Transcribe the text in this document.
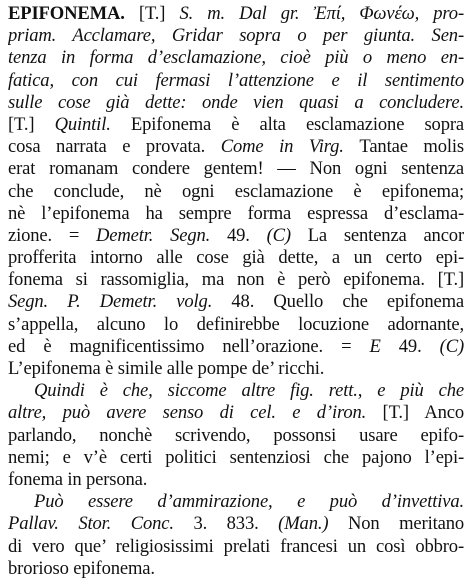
EPIFONEMA. [T.] S. m. Dal gr. Ἐπί, Φωνέω, pro-
priam. Acclamare, Gridar sopra o per giunta. Sen-
tenza in forma d’esclamazione, cioè più o meno en-
fatica, con cui fermasi l’attenzione e il sentimento
sulle cose già dette: onde vien quasi a concludere.
[T.] Quintil. Epifonema è alta esclamazione sopra
cosa narrata e provata. Come in Virg. Tantae molis
erat romanam condere gentem! — Non ogni sentenza
che conclude, nè ogni esclamazione è epifonema;
nè l’epifonema ha sempre forma espressa d’esclama-
zione. = Demetr. Segn. 49. (C) La sentenza ancor
profferita intorno alle cose già dette, a un certo epi-
fonema si rassomiglia, ma non è però epifonema. [T.]
Segn. P. Demetr. volg. 48. Quello che epifonema
s’appella, alcuno lo definirebbe locuzione adornante,
ed è magnificentissimo nell’orazione. = E 49. (C)
L’epifonema è simile alle pompe de’ ricchi.
Quindi è che, siccome altre fig. rett., e più che
altre, può avere senso di cel. e d’iron. [T.] Anco
parlando, nonchè scrivendo, possonsi usare epifo-
nemi; e v’è certi politici sentenziosi che pajono l’epi-
fonema in persona.
Può essere d’ammirazione, e può d’invettiva.
Pallav. Stor. Conc. 3. 833. (Man.) Non meritano
di vero que’ religiosissimi prelati francesi un così obbro-
brorioso epifonema.
